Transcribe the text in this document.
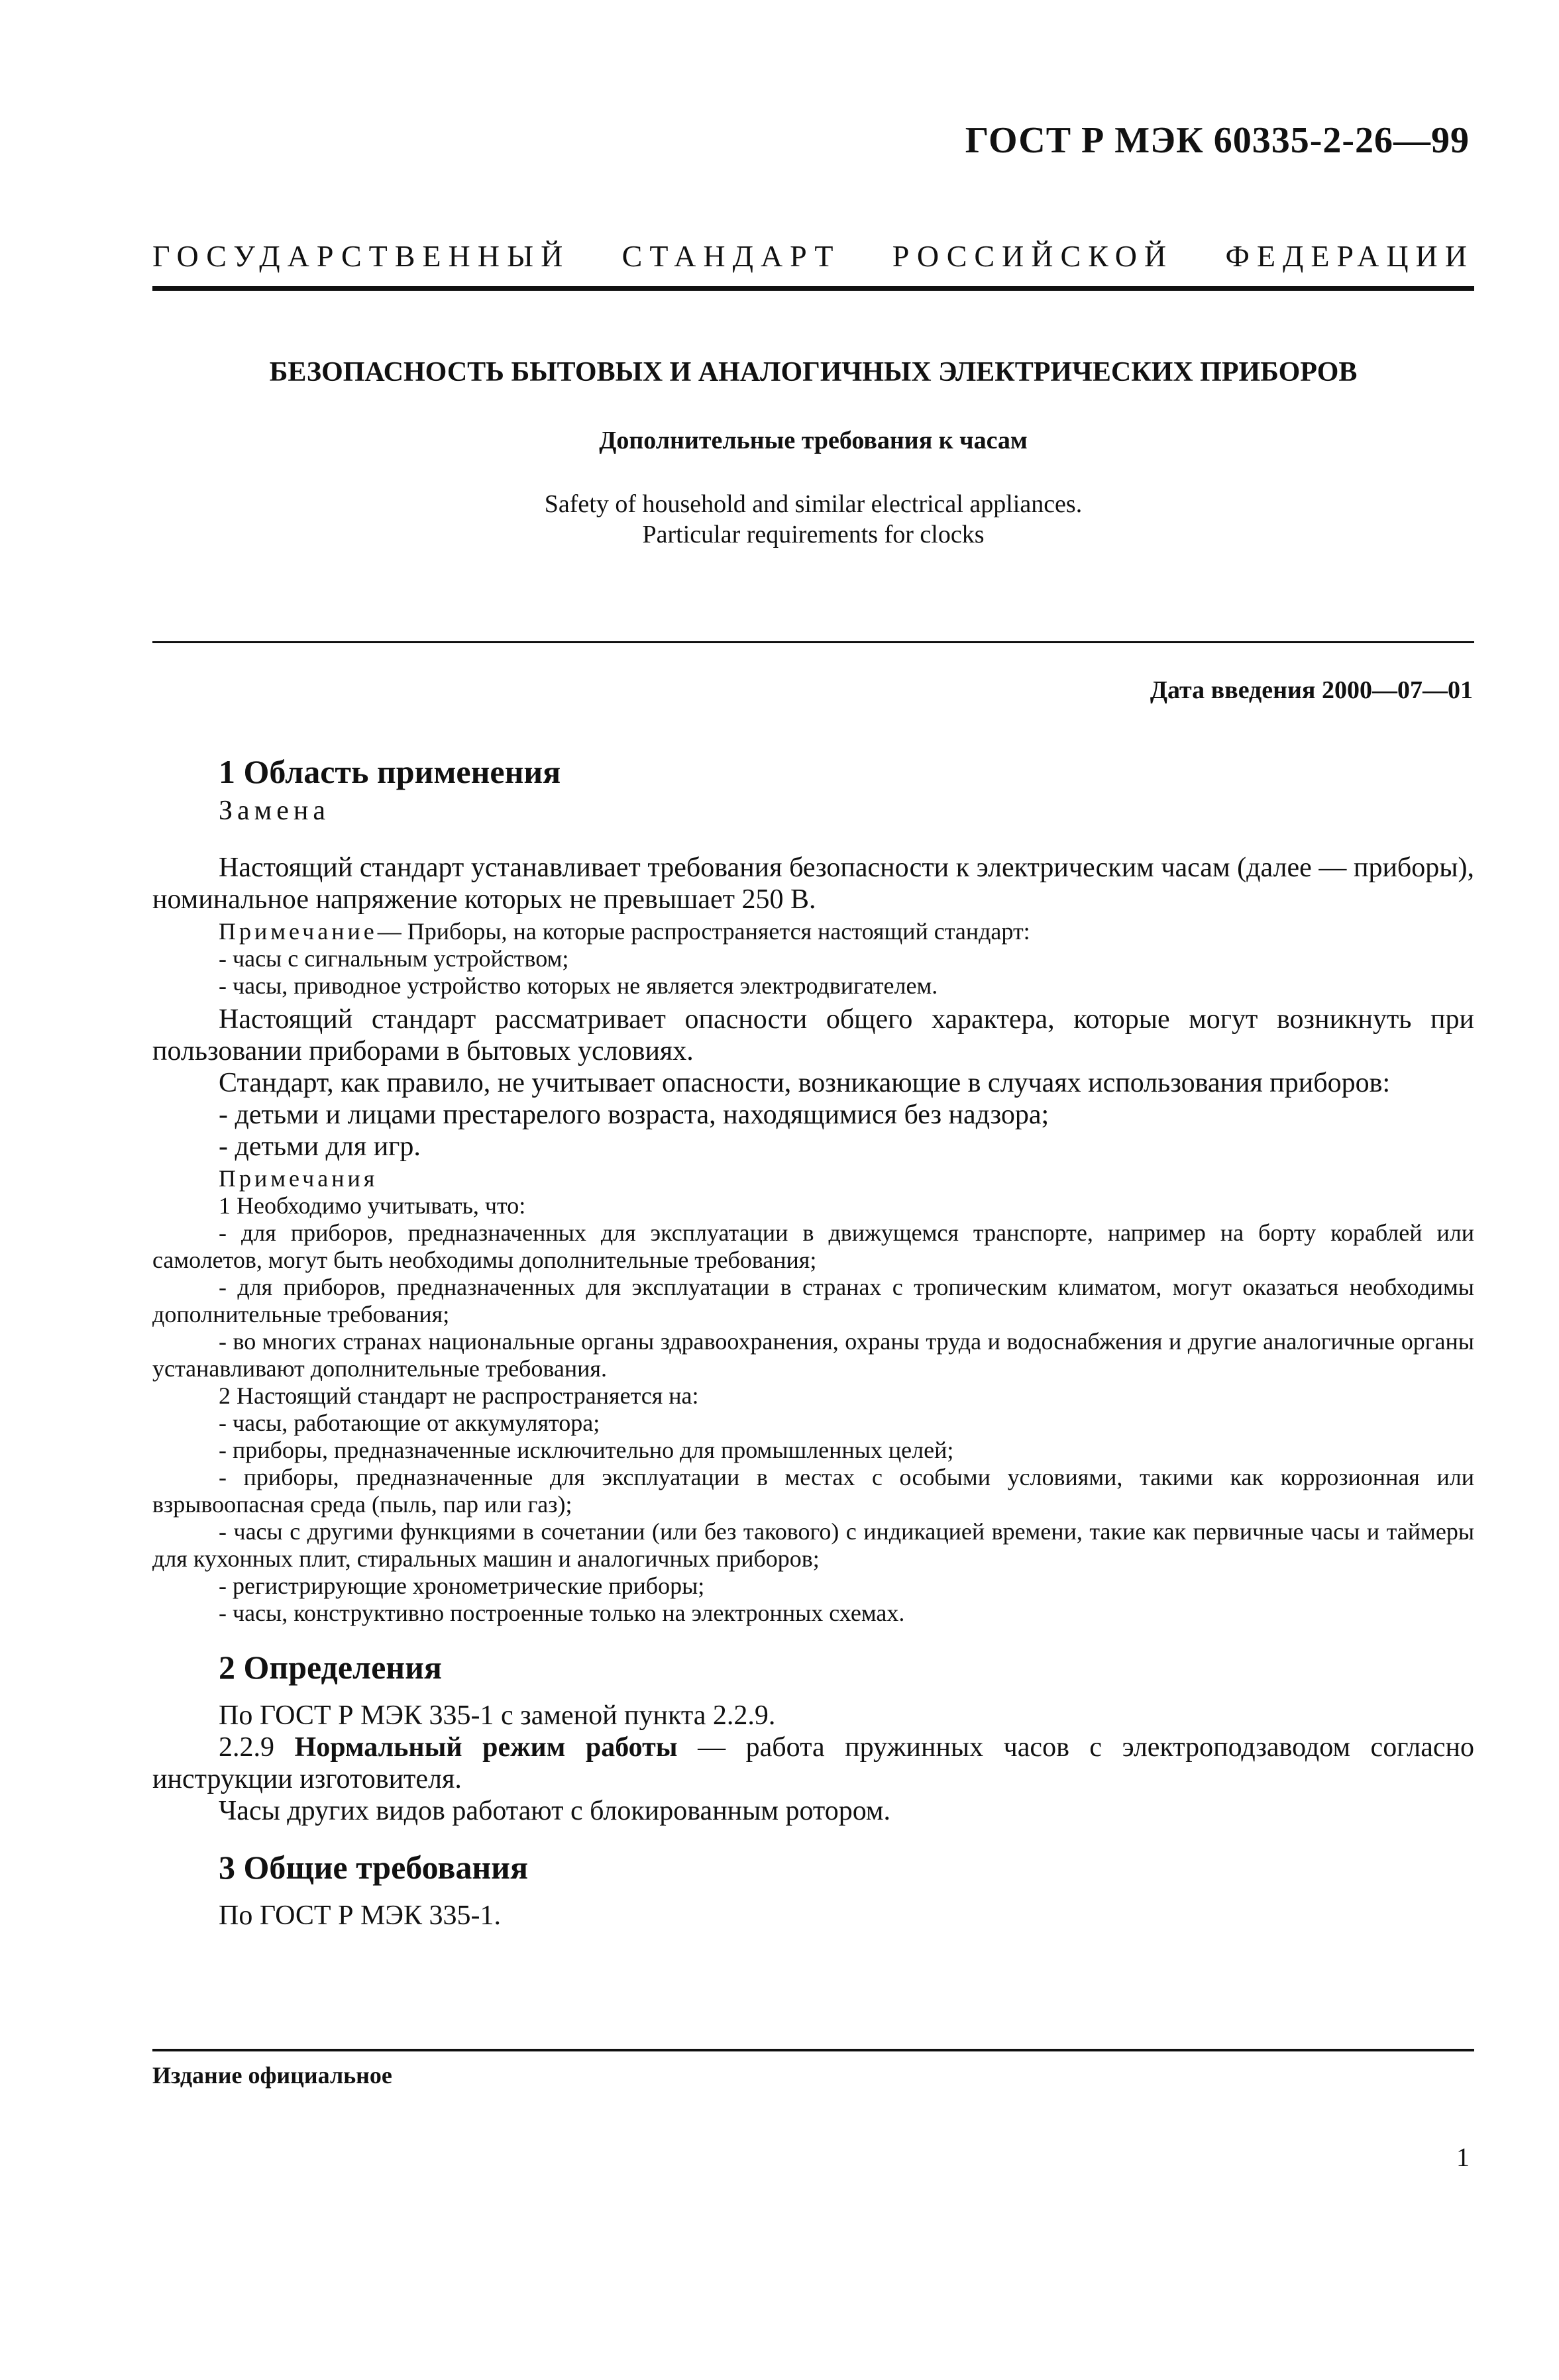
ГОСТ Р МЭК 60335-2-26—99
ГОСУДАРСТВЕННЫЙ СТАНДАРТ РОССИЙСКОЙ ФЕДЕРАЦИИ
БЕЗОПАСНОСТЬ БЫТОВЫХ И АНАЛОГИЧНЫХ ЭЛЕКТРИЧЕСКИХ ПРИБОРОВ
Дополнительные требования к часам
Safety of household and similar electrical appliances.
Particular requirements for clocks
Дата введения 2000—07—01
1 Область применения

Замена

Настоящий стандарт устанавливает требования безопасности к электрическим часам (далее — приборы), номинальное напряжение которых не превышает 250 В.

Примечание— Приборы, на которые распространяется настоящий стандарт:

- часы с сигнальным устройством;

- часы, приводное устройство которых не является электродвигателем.

Настоящий стандарт рассматривает опасности общего характера, которые могут возникнуть при пользовании приборами в бытовых условиях.

Стандарт, как правило, не учитывает опасности, возникающие в случаях использования приборов:

- детьми и лицами престарелого возраста, находящимися без надзора;

- детьми для игр.

Примечания

1 Необходимо учитывать, что:

- для приборов, предназначенных для эксплуатации в движущемся транспорте, например на борту кораблей или самолетов, могут быть необходимы дополнительные требования;

- для приборов, предназначенных для эксплуатации в странах с тропическим климатом, могут оказаться необходимы дополнительные требования;

- во многих странах национальные органы здравоохранения, охраны труда и водоснабжения и другие аналогичные органы устанавливают дополнительные требования.

2 Настоящий стандарт не распространяется на:

- часы, работающие от аккумулятора;

- приборы, предназначенные исключительно для промышленных целей;

- приборы, предназначенные для эксплуатации в местах с особыми условиями, такими как коррозионная или взрывоопасная среда (пыль, пар или газ);

- часы с другими функциями в сочетании (или без такового) с индикацией времени, такие как первичные часы и таймеры для кухонных плит, стиральных машин и аналогичных приборов;

- регистрирующие хронометрические приборы;

- часы, конструктивно построенные только на электронных схемах.

2 Определения

По ГОСТ Р МЭК 335-1 с заменой пункта 2.2.9.

2.2.9 Нормальный режим работы — работа пружинных часов с электроподзаводом согласно инструкции изготовителя.

Часы других видов работают с блокированным ротором.

3 Общие требования

По ГОСТ Р МЭК 335-1.

Издание официальное
1
